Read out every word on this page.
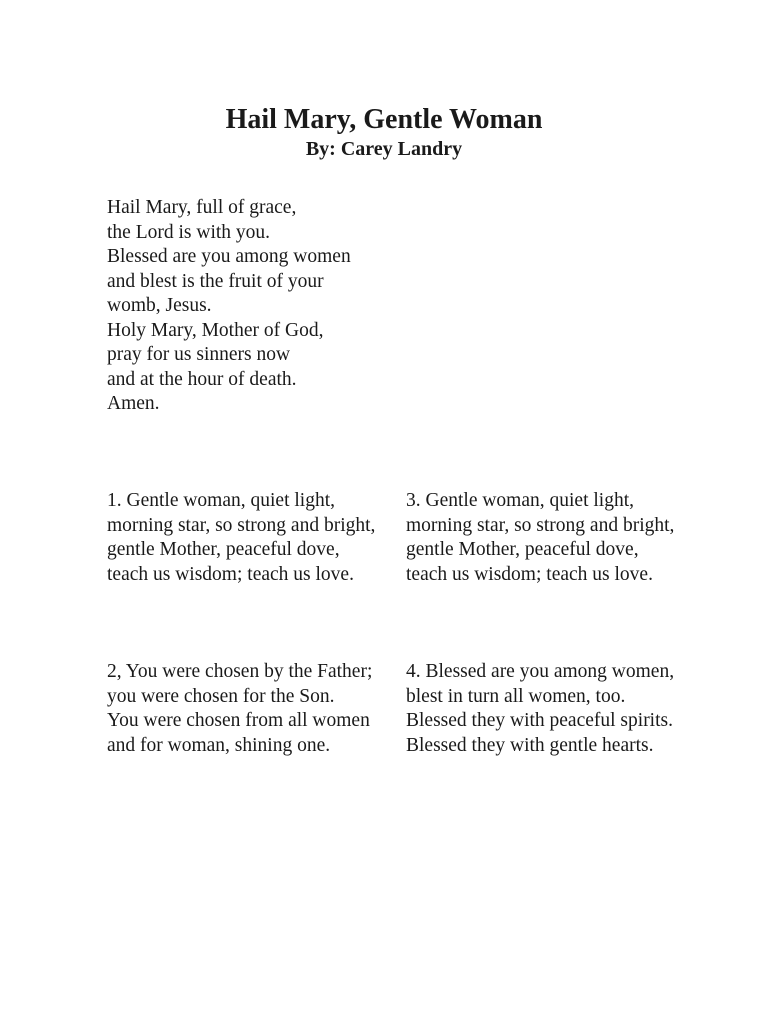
Hail Mary, Gentle Woman
By: Carey Landry
Hail Mary, full of grace,
the Lord is with you.
Blessed are you among women
and blest is the fruit of your womb, Jesus.
Holy Mary, Mother of God,
pray for us sinners now
and at the hour of death.
Amen.
1. Gentle woman, quiet light,
morning star, so strong and bright,
gentle Mother, peaceful dove,
teach us wisdom; teach us love.
3. Gentle woman, quiet light,
morning star, so strong and bright,
gentle Mother, peaceful dove,
teach us wisdom; teach us love.
2, You were chosen by the Father;
you were chosen for the Son.
You were chosen from all women
and for woman, shining one.
4. Blessed are you among women,
blest in turn all women, too.
Blessed they with peaceful spirits.
Blessed they with gentle hearts.
